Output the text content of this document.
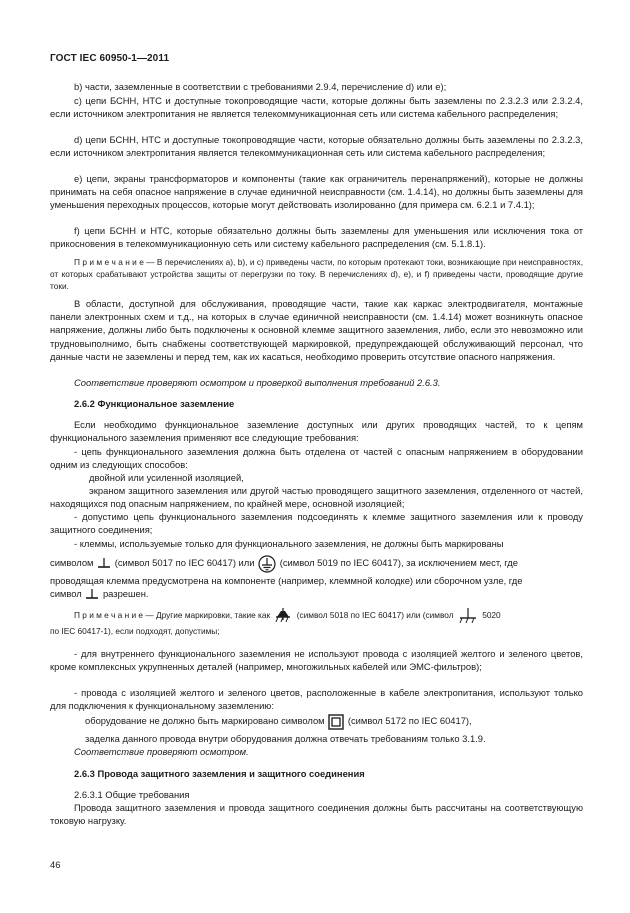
ГОСТ IEC 60950-1—2011

b) части, заземленные в соответствии с требованиями 2.9.4, перечисление d) или e);

c) цепи БСНН, НТС и доступные токопроводящие части, которые должны быть заземлены по 2.3.2.3 или 2.3.2.4, если источником электропитания не является телекоммуникационная сеть или система кабельного распределения;

d) цепи БСНН, НТС и доступные токопроводящие части, которые обязательно должны быть заземлены по 2.3.2.3, если источником электропитания является телекоммуникационная сеть или система кабельного распределения;

e) цепи, экраны трансформаторов и компоненты (такие как ограничитель перенапряжений), которые не должны принимать на себя опасное напряжение в случае единичной неисправности (см. 1.4.14), но должны быть заземлены для уменьшения переходных процессов, которые могут действовать изолированно (для примера см. 6.2.1 и 7.4.1);

f) цепи БСНН и НТС, которые обязательно должны быть заземлены для уменьшения или исключения тока от прикосновения в телекоммуникационную сеть или систему кабельного распределения (см. 5.1.8.1).

П р и м е ч а н и е — В перечислениях a), b), и c) приведены части, по которым протекают токи, возникающие при неисправностях, от которых срабатывают устройства защиты от перегрузки по току. В перечислениях d), e), и f) приведены части, проводящие другие токи.

В области, доступной для обслуживания, проводящие части, такие как каркас электродвигателя, монтажные панели электронных схем и т.д., на которых в случае единичной неисправности (см. 1.4.14) может возникнуть опасное напряжение, должны либо быть подключены к основной клемме защитного заземления, либо, если это невозможно или трудновыполнимо, быть снабжены соответствующей маркировкой, предупреждающей обслуживающий персонал, что данные части не заземлены и перед тем, как их касаться, необходимо проверить отсутствие опасного напряжения.

Соответствие проверяют осмотром и проверкой выполнения требований 2.6.3.

2.6.2 Функциональное заземление

Если необходимо функциональное заземление доступных или других проводящих частей, то к цепям функционального заземления применяют все следующие требования:

- цепь функционального заземления должна быть отделена от частей с опасным напряжением в оборудовании одним из следующих способов:

двойной или усиленной изоляцией,

экраном защитного заземления или другой частью проводящего защитного заземления, отделенного от частей, находящихся под опасным напряжением, по крайней мере, основной изоляцией;

- допустимо цепь функционального заземления подсоединять к клемме защитного заземления или к проводу защитного соединения;

- клеммы, используемые только для функционального заземления, не должны быть маркированы

символом (символ 5017 по IEC 60417) или	(символ 5019 по IEC 60417), за исключением мест, где

проводящая клемма предусмотрена на компоненте (например, клеммной колодке) или сборочном узле, где

символ разрешен.

П р и м е ч а н и е — Другие маркировки, такие как	(символ 5018 по IEC 60417) или (символ	5020

по IEC 60417-1), если подходят, допустимы;

- для внутреннего функционального заземления не используют провода с изоляцией желтого и зеленого цветов, кроме комплексных укрупненных деталей (например, многожильных кабелей или ЭМС-фильтров);

- провода с изоляцией желтого и зеленого цветов, расположенные в кабеле электропитания, используют только для подключения к функциональному заземлению:

оборудование не должно быть маркировано символом (символ 5172 по IEC 60417),

заделка данного провода внутри оборудования должна отвечать требованиям только 3.1.9.

Соответствие проверяют осмотром.

2.6.3 Провода защитного заземления и защитного соединения

2.6.3.1 Общие требования

Провода защитного заземления и провода защитного соединения должны быть рассчитаны на соответствующую токовую нагрузку.

46
